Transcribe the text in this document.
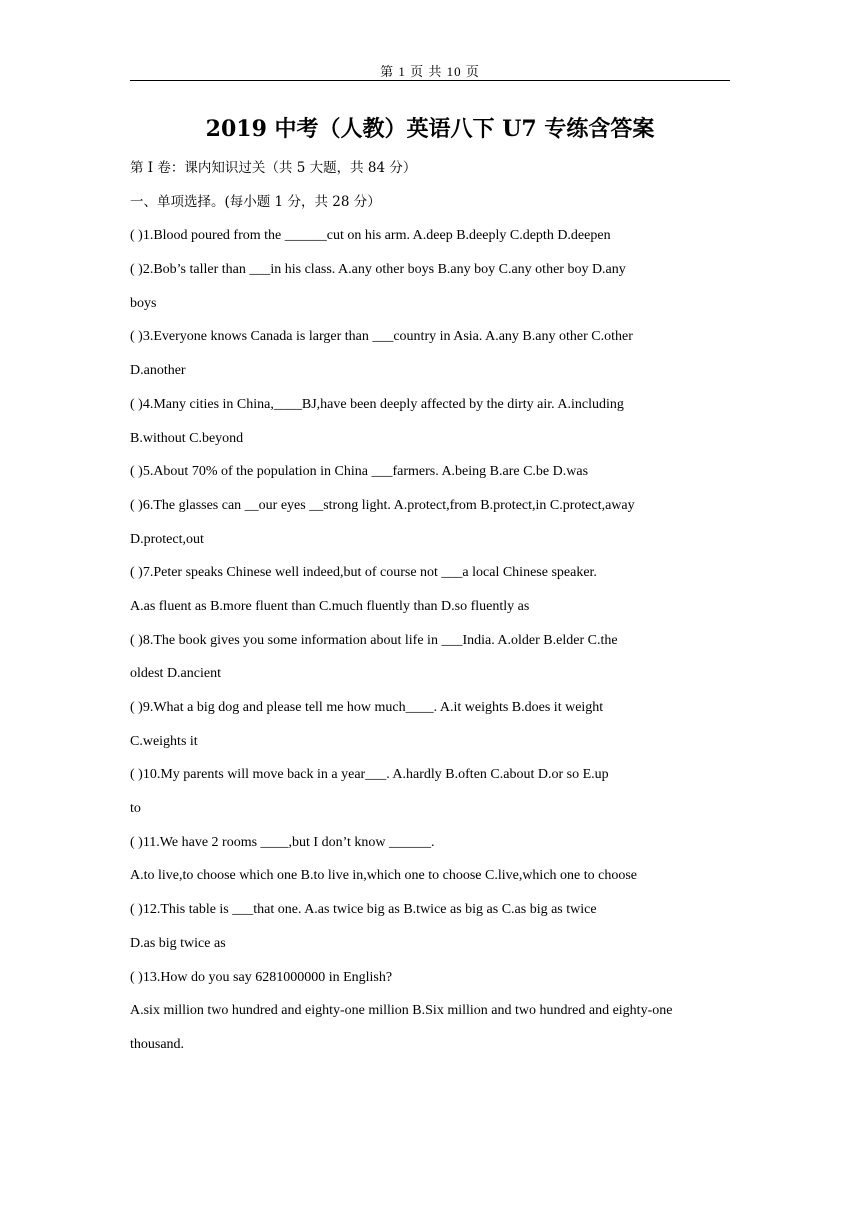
第 1 页 共 10 页
2019 中考（人教）英语八下 U7 专练含答案
第 I 卷：课内知识过关（共 5 大题，共 84 分）
一、单项选择。(每小题 1 分，共 28 分）
( )1.Blood poured from the ______cut on his arm. A.deep B.deeply C.depth D.deepen
( )2.Bob’s taller than ___in his class. A.any other boys B.any boy C.any other boy D.any
boys
( )3.Everyone knows Canada is larger than ___country in Asia. A.any B.any other C.other
D.another
( )4.Many cities in China,____BJ,have been deeply affected by the dirty air. A.including
B.without C.beyond
( )5.About 70% of the population in China ___farmers. A.being B.are C.be D.was
( )6.The glasses can __our eyes __strong light. A.protect,from B.protect,in C.protect,away
D.protect,out
( )7.Peter speaks Chinese well indeed,but of course not ___a local Chinese speaker.
A.as fluent as B.more fluent than C.much fluently than D.so fluently as
( )8.The book gives you some information about life in ___India. A.older B.elder C.the
oldest D.ancient
( )9.What a big dog and please tell me how much____. A.it weights B.does it weight
C.weights it
( )10.My parents will move back in a year___. A.hardly B.often C.about D.or so E.up
to
( )11.We have 2 rooms ____,but I don’t know ______.
A.to live,to choose which one B.to live in,which one to choose C.live,which one to choose
( )12.This table is ___that one. A.as twice big as B.twice as big as C.as big as twice
D.as big twice as
( )13.How do you say 6281000000 in English?
A.six million two hundred and eighty-one million B.Six million and two hundred and eighty-one
thousand.
